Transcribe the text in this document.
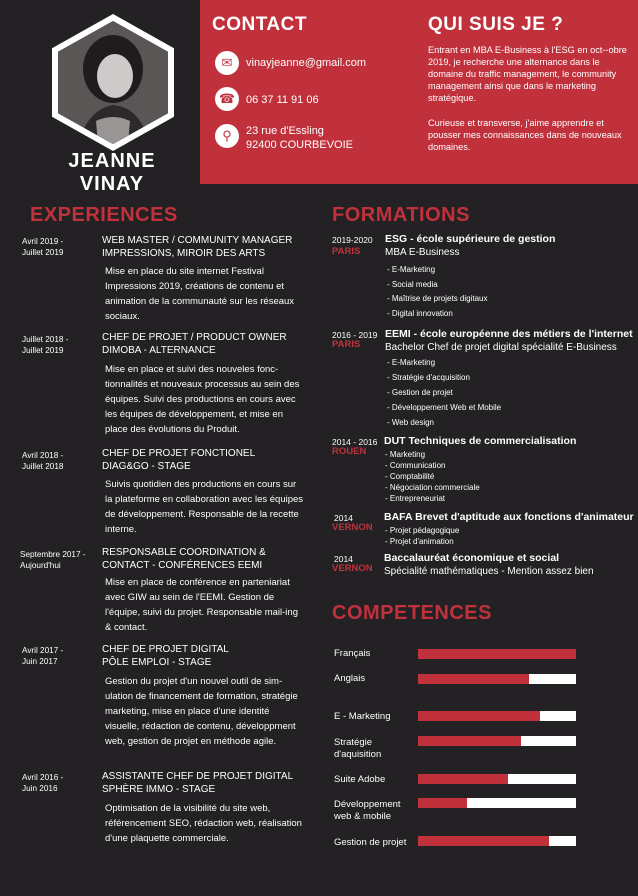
JEANNE VINAY
CONTACT
✉	vinayjeanne@gmail.com
☎ 06 37 11 91 06
⚲	23 rue d'Essling
92400 COURBEVOIE
QUI SUIS JE ?
Entrant en MBA E-Business à l'ESG en oct--obre 2019, je recherche une alternance dans le domaine du traffic management, le community management ainsi que dans le marketing stratégique.
Curieuse et transverse, j'aime apprendre et pousser mes connaissances dans de nouveaux domaines.
EXPERIENCES
Avril 2019 -
Juillet 2019
WEB MASTER / COMMUNITY MANAGER
IMPRESSIONS, MIROIR DES ARTS
Mise en place du site internet Festival Impressions 2019, créations de contenu et animation de la communauté sur les réseaux sociaux.
Juillet 2018 -
Juillet 2019
CHEF DE PROJET / PRODUCT OWNER
DIMOBA - ALTERNANCE
Mise en place et suivi des nouveles fonc-tionnalités et nouveaux processus au sein des équipes. Suivi des productions en cours avec les équipes de développement, et mise en place des évolutions du Produit.
Avril 2018 -
Juillet 2018
CHEF DE PROJET FONCTIONEL
DIAG&GO - STAGE
Suivis quotidien des productions en cours sur la plateforme en collaboration avec les équipes de développement. Responsable de la recette interne.
Septembre 2017 -
Aujourd'hui
RESPONSABLE COORDINATION &
CONTACT - CONFÉRENCES EEMI
Mise en place de conférence en parteniariat avec GIW au sein de l'EEMI. Gestion de l'équipe, suivi du projet. Responsable mail-ing & contact.
Avril 2017 -
Juin 2017
CHEF DE PROJET DIGITAL
PÔLE EMPLOI - STAGE
Gestion du projet d'un nouvel outil de sim-ulation de financement de formation, stratégie marketing, mise en place d'une identité visuelle, rédaction de contenu, développment web, gestion de projet en méthode agile.
Avril 2016 -
Juin 2016
ASSISTANTE CHEF DE PROJET DIGITAL
SPHÈRE IMMO - STAGE
Optimisation de la visibilité du site web, référencement SEO, rédaction web, réalisation d'une plaquette commerciale.
FORMATIONS
2019-2020
PARIS
ESG - école supérieure de gestion
MBA E-Business
- E-Marketing
- Social media
- Maîtrise de projets digitaux
- Digital innovation
2016 - 2019
PARIS
EEMI - école européenne des métiers de l'internet
Bachelor Chef de projet digital spécialité E-Business
- E-Marketing
- Stratégie d'acquisition
- Gestion de projet
- Développement Web et Mobile
- Web design
2014 - 2016
ROUEN
DUT Techniques de commercialisation
- Marketing
- Communication
- Comptabilité
- Négociation commerciale
- Entrepreneuriat
2014
VERNON
BAFA Brevet d'aptitude aux fonctions d'animateur
- Projet pédagogique
- Projet d'animation
2014
VERNON
Baccalauréat économique et social
Spécialité mathématiques - Mention assez bien
COMPETENCES
Français
Anglais
E - Marketing
Stratégie
d'aquisition
Suite Adobe
Développement
web & mobile
Gestion de projet
